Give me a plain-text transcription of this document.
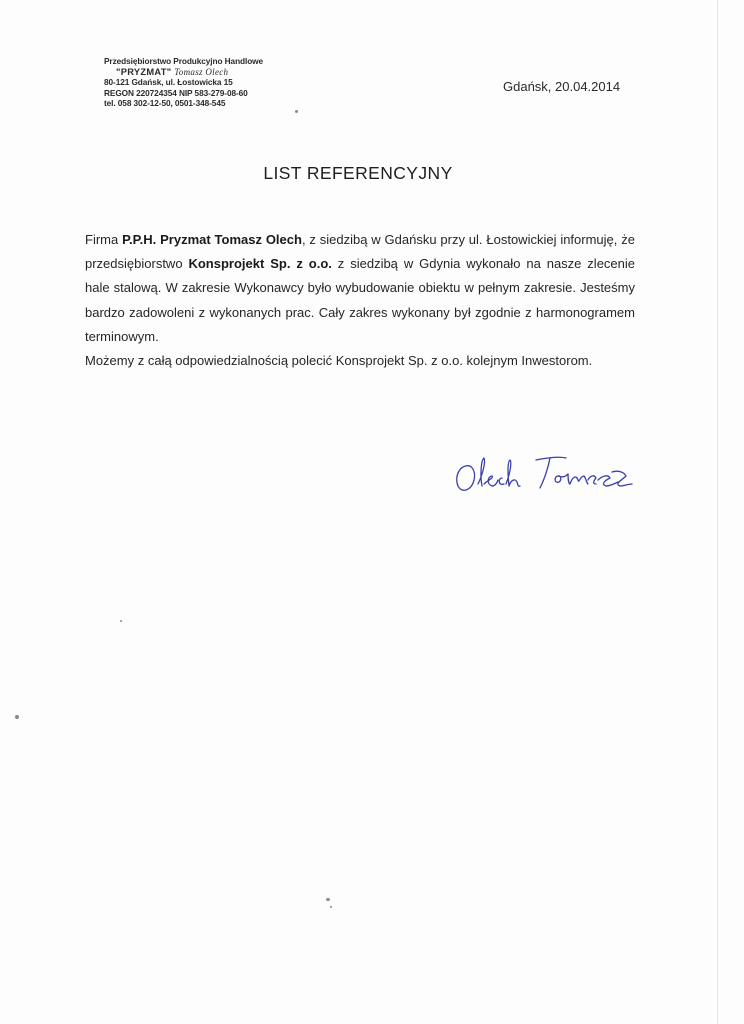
Przedsiębiorstwo Produkcyjno Handlowe
"PRYZMAT" Tomasz Olech
80-121 Gdańsk, ul. Łostowicka 15
REGON 220724354 NIP 583-279-08-60
tel. 058 302-12-50, 0501-348-545
Gdańsk, 20.04.2014
LIST REFERENCYJNY

Firma P.P.H. Pryzmat Tomasz Olech, z siedzibą w Gdańsku przy ul. Łostowickiej informuję, że przedsiębiorstwo Konsprojekt Sp. z o.o. z siedzibą w Gdynia wykonało na nasze zlecenie hale stalową. W zakresie Wykonawcy było wybudowanie obiektu w pełnym zakresie. Jesteśmy bardzo zadowoleni z wykonanych prac. Cały zakres wykonany był zgodnie z harmonogramem terminowym.

Możemy z całą odpowiedzialnością polecić Konsprojekt Sp. z o.o. kolejnym Inwestorom.
